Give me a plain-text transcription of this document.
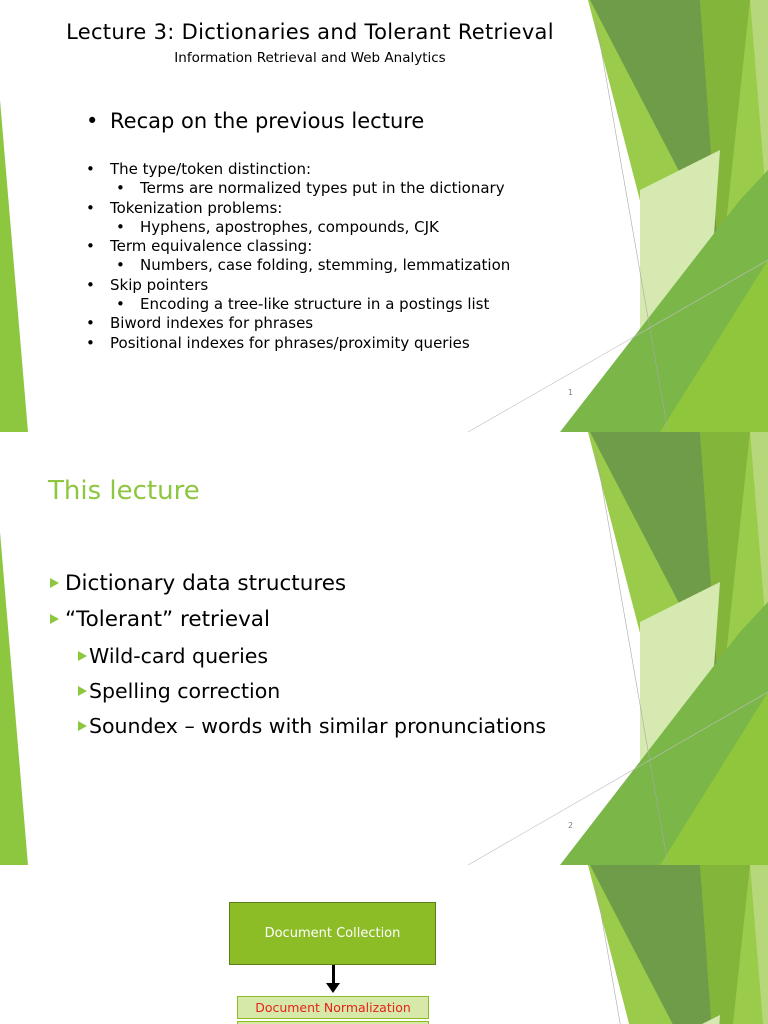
Lecture 3: Dictionaries and Tolerant Retrieval
Information Retrieval and Web Analytics
• Recap on the previous lecture
• The type/token distinction:
• Terms are normalized types put in the dictionary
• Tokenization problems:
• Hyphens, apostrophes, compounds, CJK
• Term equivalence classing:
• Numbers, case folding, stemming, lemmatization
• Skip pointers
• Encoding a tree-like structure in a postings list
• Biword indexes for phrases
• Positional indexes for phrases/proximity queries
1
This lecture
Dictionary data structures
“Tolerant” retrieval
Wild-card queries
Spelling correction
Soundex – words with similar pronunciations
2
Document Collection
Document Normalization
